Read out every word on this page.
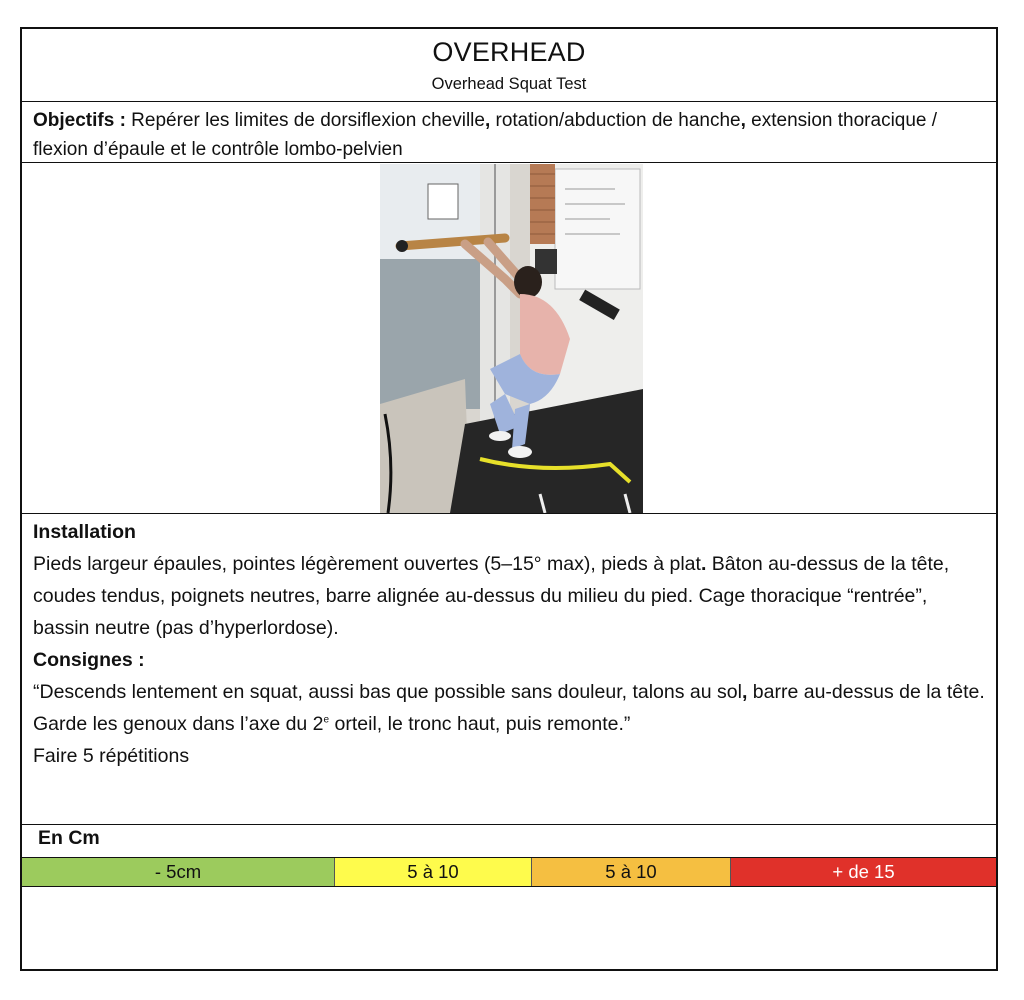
OVERHEAD
Overhead Squat Test
Objectifs : Repérer les limites de dorsiflexion cheville, rotation/abduction de hanche, extension thoracique / flexion d’épaule et le contrôle lombo-pelvien

Installation

Pieds largeur épaules, pointes légèrement ouvertes (5–15° max), pieds à plat. Bâton au-dessus de la tête, coudes tendus, poignets neutres, barre alignée au-dessus du milieu du pied. Cage thoracique “rentrée”, bassin neutre (pas d’hyperlordose).

Consignes :

“Descends lentement en squat, aussi bas que possible sans douleur, talons au sol, barre au-dessus de la tête.

Garde les genoux dans l’axe du 2e orteil, le tronc haut, puis remonte.”

Faire 5 répétitions

En Cm
- 5cm	5 à 10	5 à 10	+ de 15
